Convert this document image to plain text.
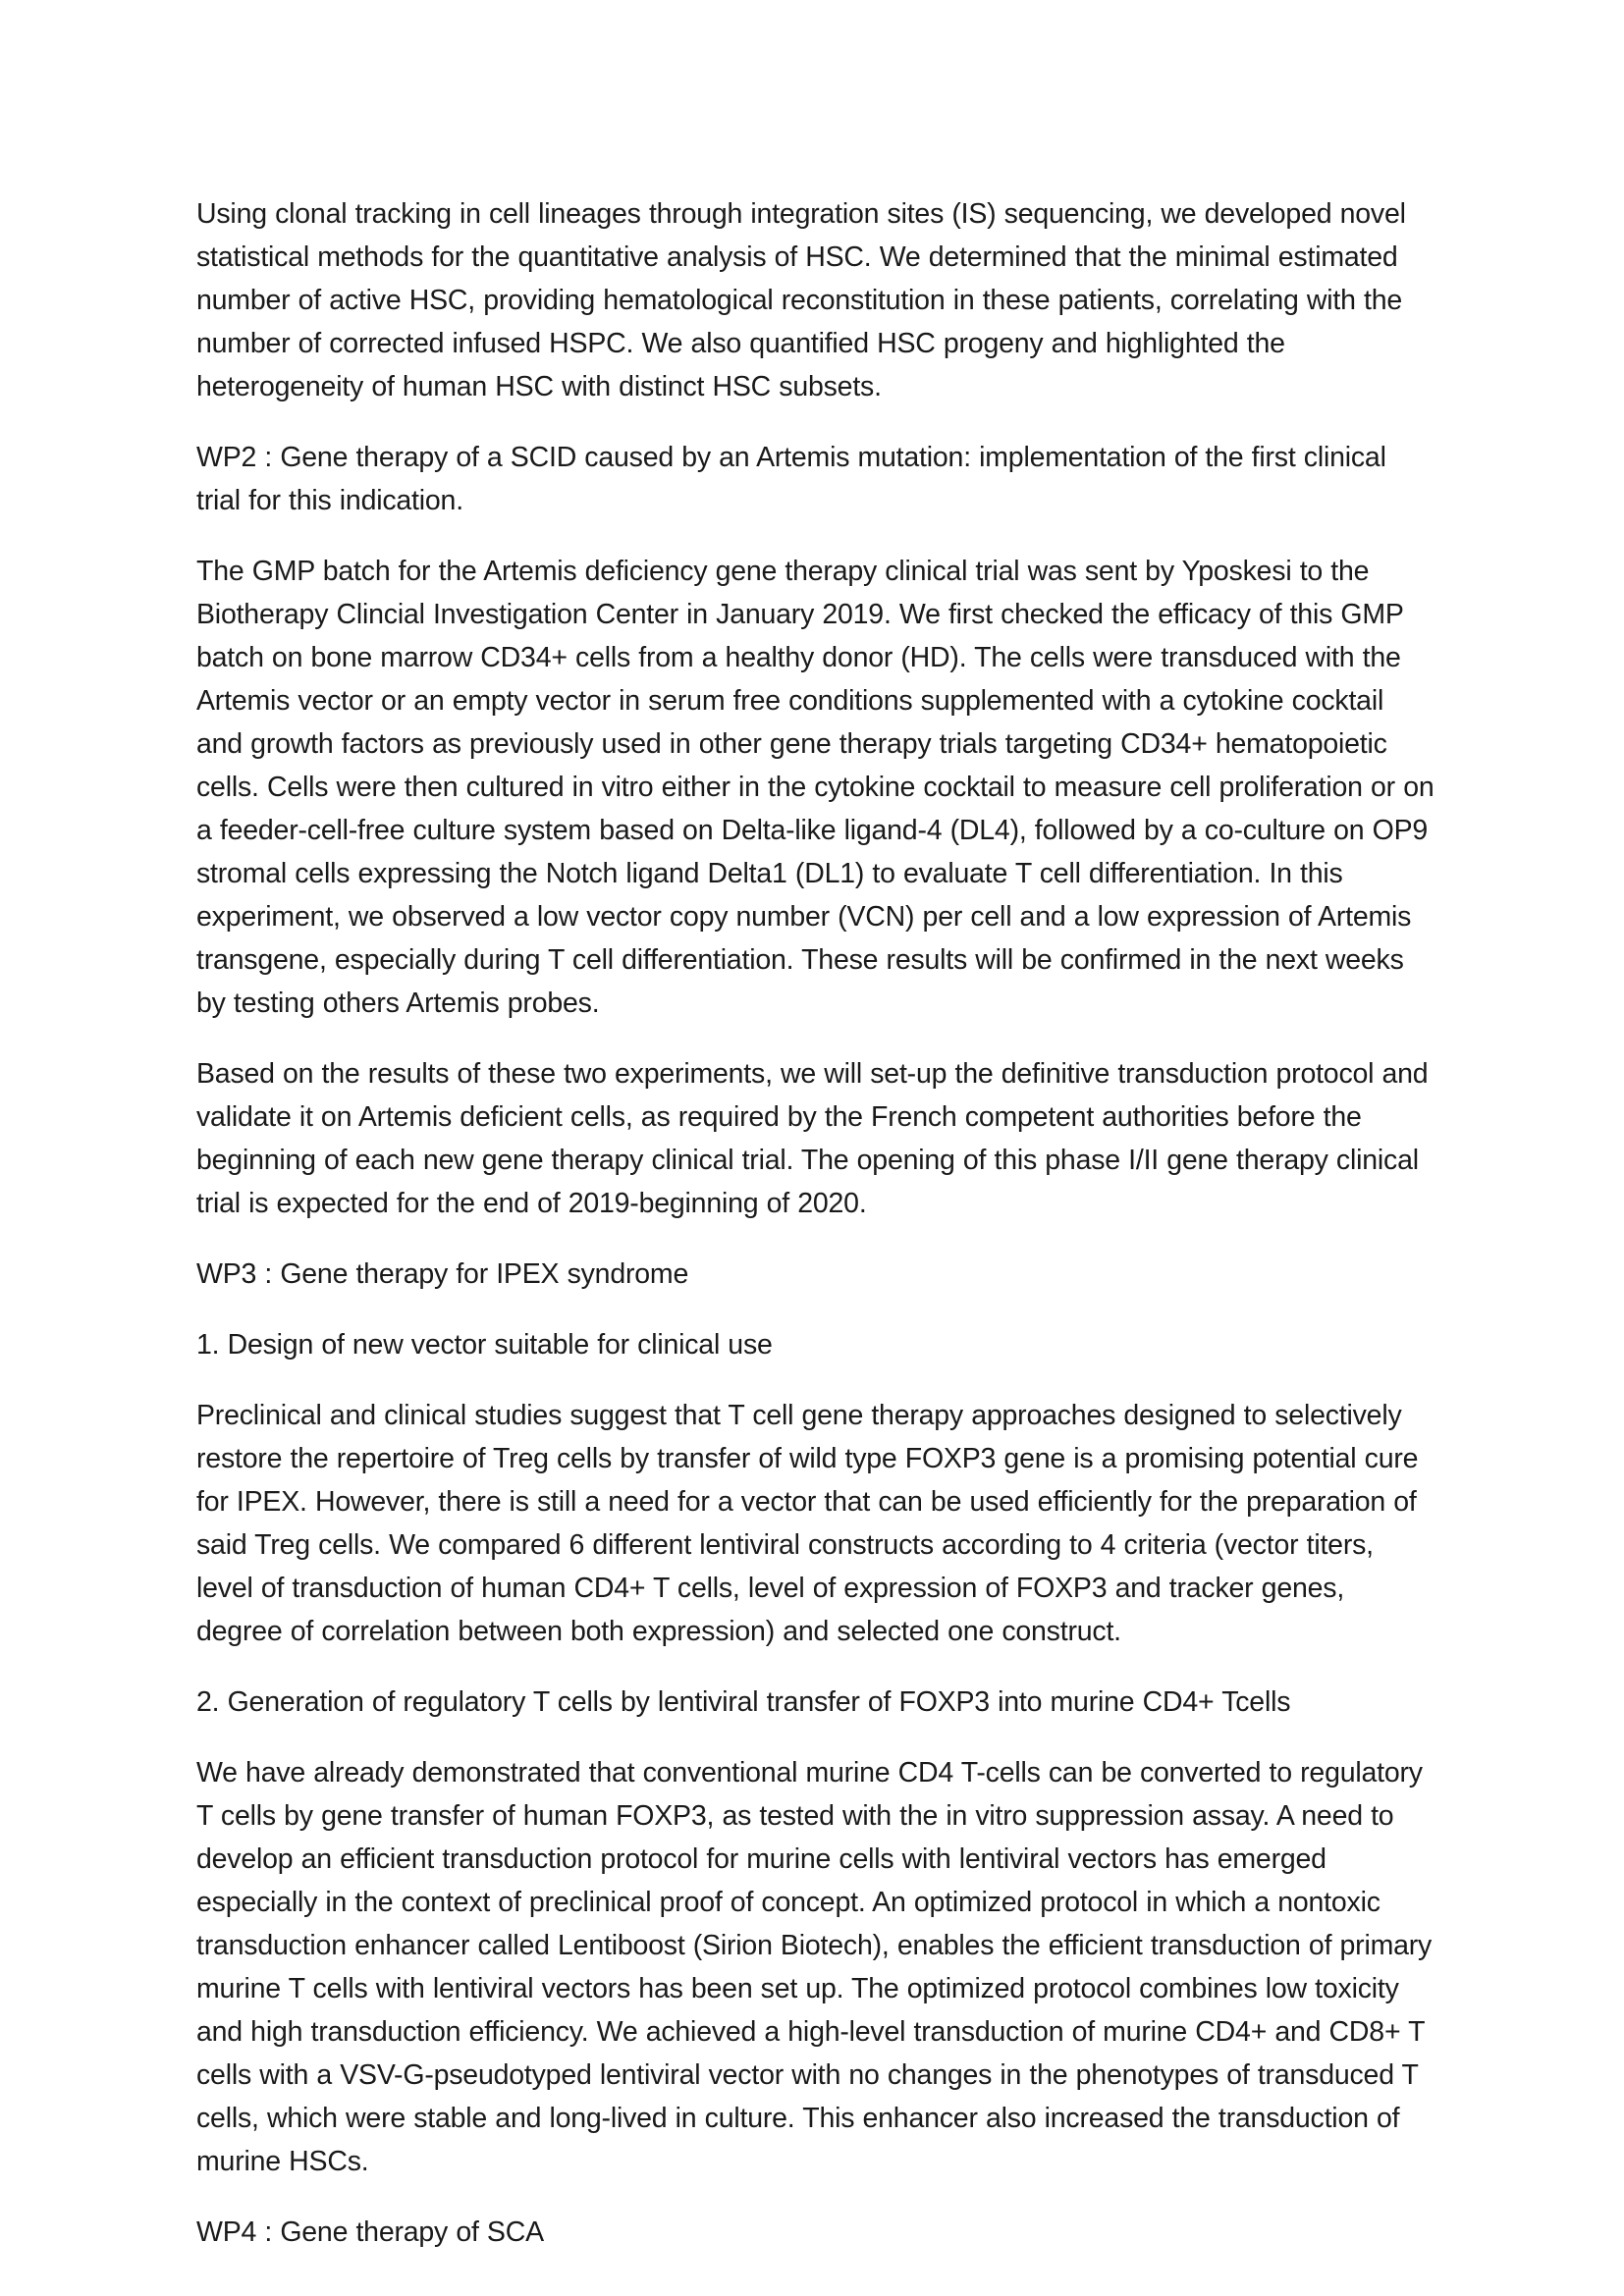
Using clonal tracking in cell lineages through integration sites (IS) sequencing, we developed novel statistical methods for the quantitative analysis of HSC. We determined that the minimal estimated number of active HSC, providing hematological reconstitution in these patients, correlating with the number of corrected infused HSPC. We also quantified HSC progeny and highlighted the heterogeneity of human HSC with distinct HSC subsets.

WP2 : Gene therapy of a SCID caused by an Artemis mutation: implementation of the first clinical trial for this indication.

The GMP batch for the Artemis deficiency gene therapy clinical trial was sent by Yposkesi to the Biotherapy Clincial Investigation Center in January 2019. We first checked the efficacy of this GMP batch on bone marrow CD34+ cells from a healthy donor (HD). The cells were transduced with the Artemis vector or an empty vector in serum free conditions supplemented with a cytokine cocktail and growth factors as previously used in other gene therapy trials targeting CD34+ hematopoietic cells. Cells were then cultured in vitro either in the cytokine cocktail to measure cell proliferation or on a feeder-cell-free culture system based on Delta-like ligand-4 (DL4), followed by a co-culture on OP9 stromal cells expressing the Notch ligand Delta1 (DL1) to evaluate T cell differentiation. In this experiment, we observed a low vector copy number (VCN) per cell and a low expression of Artemis transgene, especially during T cell differentiation. These results will be confirmed in the next weeks by testing others Artemis probes.

Based on the results of these two experiments, we will set-up the definitive transduction protocol and validate it on Artemis deficient cells, as required by the French competent authorities before the beginning of each new gene therapy clinical trial. The opening of this phase I/II gene therapy clinical trial is expected for the end of 2019-beginning of 2020.

WP3 : Gene therapy for IPEX syndrome

1. Design of new vector suitable for clinical use

Preclinical and clinical studies suggest that T cell gene therapy approaches designed to selectively restore the repertoire of Treg cells by transfer of wild type FOXP3 gene is a promising potential cure for IPEX. However, there is still a need for a vector that can be used efficiently for the preparation of said Treg cells. We compared 6 different lentiviral constructs according to 4 criteria (vector titers, level of transduction of human CD4+ T cells, level of expression of FOXP3 and tracker genes, degree of correlation between both expression) and selected one construct.

2. Generation of regulatory T cells by lentiviral transfer of FOXP3 into murine CD4+ Tcells

We have already demonstrated that conventional murine CD4 T-cells can be converted to regulatory T cells by gene transfer of human FOXP3, as tested with the in vitro suppression assay. A need to develop an efficient transduction protocol for murine cells with lentiviral vectors has emerged especially in the context of preclinical proof of concept. An optimized protocol in which a nontoxic transduction enhancer called Lentiboost (Sirion Biotech), enables the efficient transduction of primary murine T cells with lentiviral vectors has been set up. The optimized protocol combines low toxicity and high transduction efficiency. We achieved a high-level transduction of murine CD4+ and CD8+ T cells with a VSV-G-pseudotyped lentiviral vector with no changes in the phenotypes of transduced T cells, which were stable and long-lived in culture. This enhancer also increased the transduction of murine HSCs.

WP4 : Gene therapy of SCA
